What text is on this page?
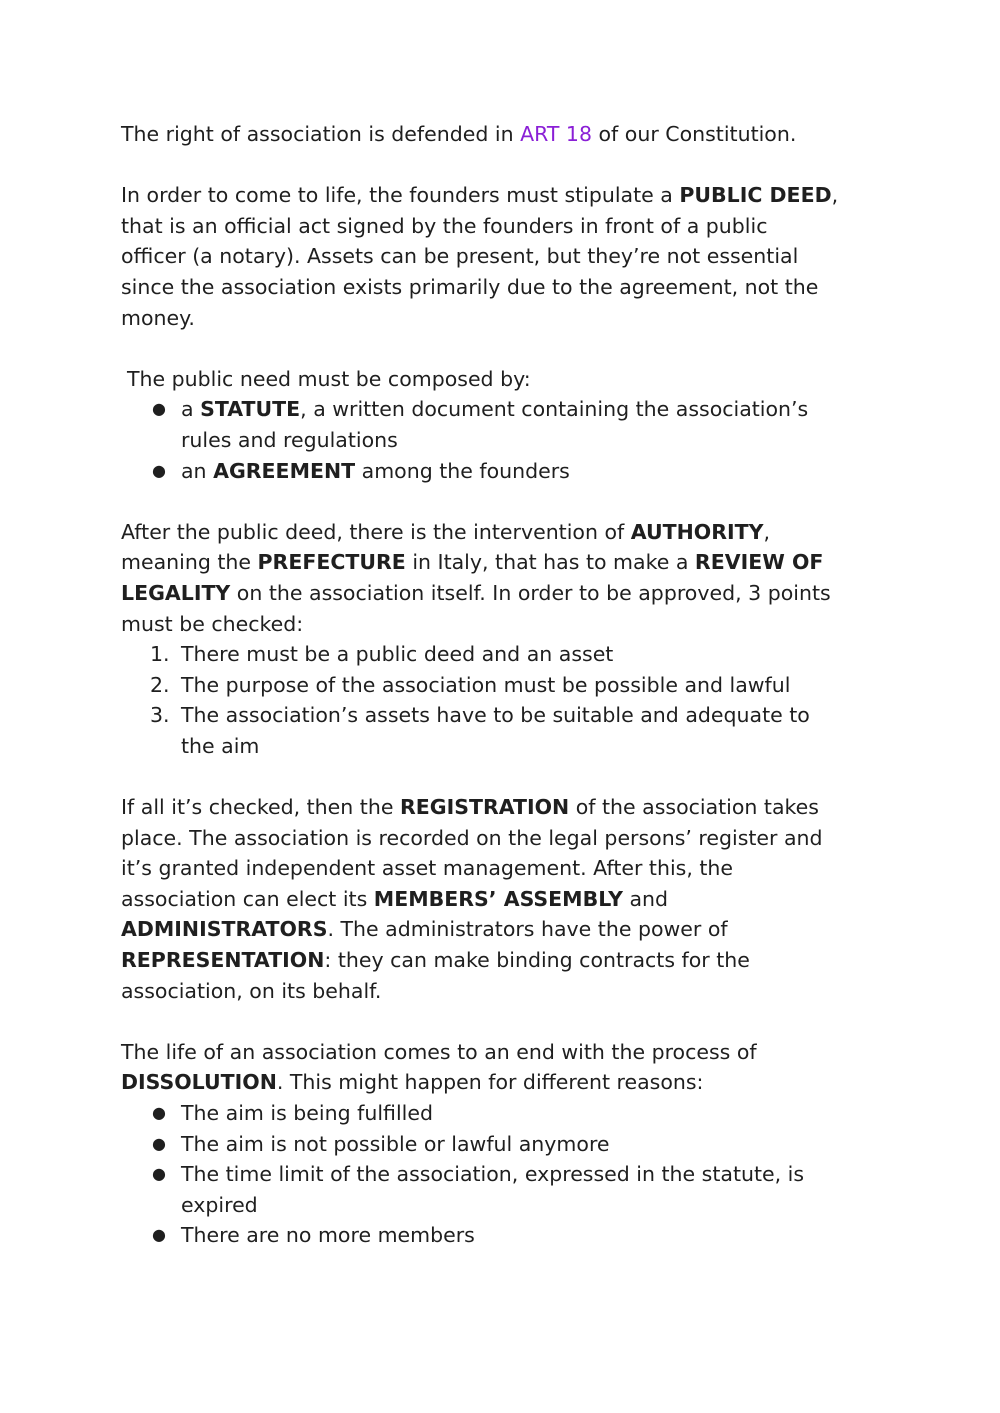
The right of association is defended in ART 18 of our Constitution.

In order to come to life, the founders must stipulate a PUBLIC DEED,

that is an official act signed by the founders in front of a public

officer (a notary). Assets can be present, but they’re not essential

since the association exists primarily due to the agreement, not the

money.

The public need must be composed by:

● a STATUTE, a written document containing the association’s
rules and regulations
● an AGREEMENT among the founders

After the public deed, there is the intervention of AUTHORITY,

meaning the PREFECTURE in Italy, that has to make a REVIEW OF

LEGALITY on the association itself. In order to be approved, 3 points

must be checked:

1. There must be a public deed and an asset
2. The purpose of the association must be possible and lawful
3. The association’s assets have to be suitable and adequate to
the aim

If all it’s checked, then the REGISTRATION of the association takes

place. The association is recorded on the legal persons’ register and

it’s granted independent asset management. After this, the

association can elect its MEMBERS’ ASSEMBLY and

ADMINISTRATORS. The administrators have the power of

REPRESENTATION: they can make binding contracts for the

association, on its behalf.

The life of an association comes to an end with the process of

DISSOLUTION. This might happen for different reasons:

● The aim is being fulfilled
● The aim is not possible or lawful anymore
● The time limit of the association, expressed in the statute, is
expired
● There are no more members
